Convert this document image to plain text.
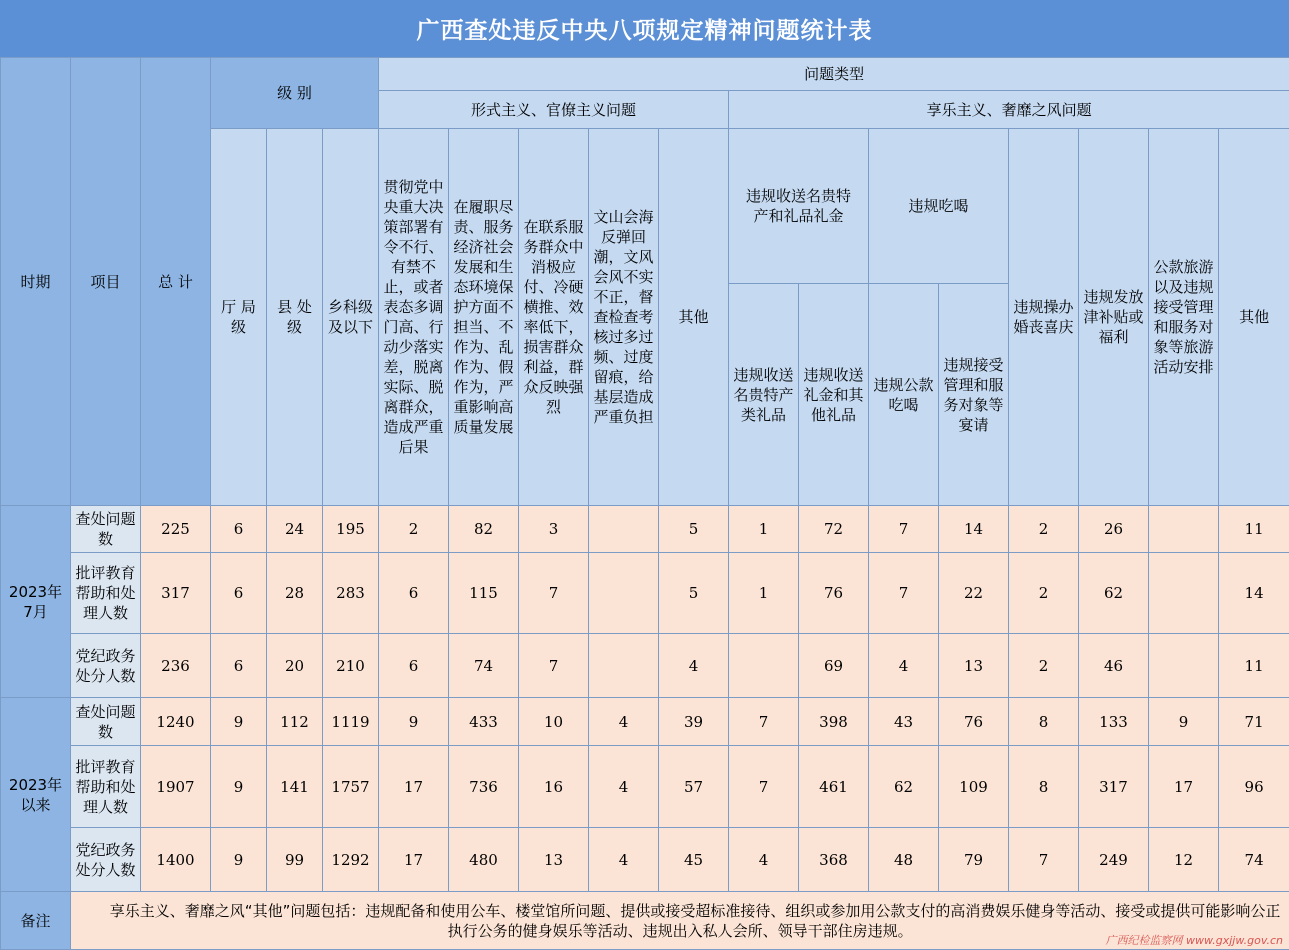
广西查处违反中央八项规定精神问题统计表
时期	项目	总 计	级 别			问题类型												
						形式主义、官僚主义问题					享乐主义、奢靡之风问题							
			厅 局 级	县 处 级	乡科级及以下	贯彻党中央重大决策部署有令不行、有禁不止，或者表态多调门高、行动少落实差，脱离实际、脱离群众，造成严重后果	在履职尽责、服务经济社会发展和生态环境保护方面不担当、不作为、乱作为、假作为，严重影响高质量发展	在联系服务群众中消极应付、冷硬横推、效率低下，损害群众利益，群众反映强烈	文山会海反弹回潮，文风会风不实不正，督查检查考核过多过频、过度留痕，给基层造成严重负担	其他	违规收送名贵特产和礼品礼金		违规吃喝		违规操办婚丧喜庆	违规发放津补贴或福利	公款旅游以及违规接受管理和服务对象等旅游活动安排	其他
											违规收送名贵特产类礼品	违规收送礼金和其他礼品	违规公款吃喝	违规接受管理和服务对象等宴请				
2023年7月	查处问题数	225	6	24	195	2	82	3		5	1	72	7	14	2	26		11
	批评教育帮助和处理人数	317	6	28	283	6	115	7		5	1	76	7	22	2	62		14
	党纪政务处分人数	236	6	20	210	6	74	7		4		69	4	13	2	46		11
2023年以来	查处问题数	1240	9	112	1119	9	433	10	4	39	7	398	43	76	8	133	9	71
	批评教育帮助和处理人数	1907	9	141	1757	17	736	16	4	57	7	461	62	109	8	317	17	96
	党纪政务处分人数	1400	9	99	1292	17	480	13	4	45	4	368	48	79	7	249	12	74
备注	享乐主义、奢靡之风“其他”问题包括：违规配备和使用公车、楼堂馆所问题、提供或接受超标准接待、组织或参加用公款支付的高消费娱乐健身等活动、接受或提供可能影响公正执行公务的健身娱乐等活动、违规出入私人会所、领导干部住房违规。																	
广西纪检监察网 www.gxjjw.gov.cn
